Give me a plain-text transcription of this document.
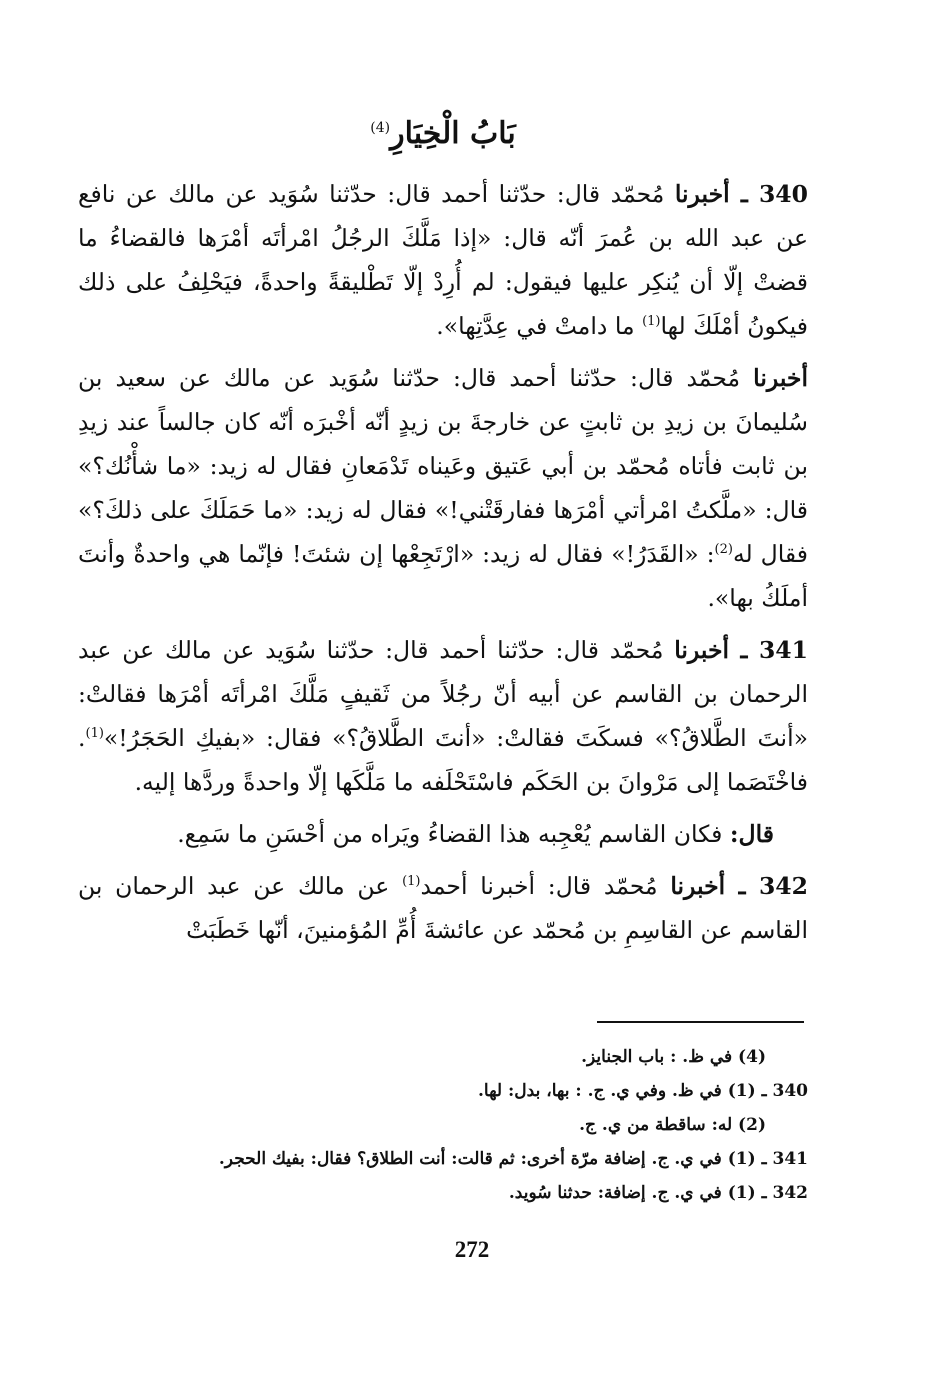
بَابُ الْخِيَارِ$^{(4)}$

340 ـ أخبرنا مُحمّد قال: حدّثنا أحمد قال: حدّثنا سُوَيد عن مالك عن نافع عن عبد الله بن عُمرَ أنّه قال: «إذا مَلَّكَ الرجُلُ امْرأتَه أمْرَها فالقضاءُ ما قضتْ إلّا أن يُنكِر عليها فيقول: لم أُرِدْ إلّا تَطْليقةً واحدةً، فيَحْلِفُ على ذلك فيكونُ أمْلَكَ لها$^{(1)}$ ما دامتْ في عِدَّتِها».

أخبرنا مُحمّد قال: حدّثنا أحمد قال: حدّثنا سُوَيد عن مالك عن سعيد بن سُليمانَ بن زيدِ بن ثابتٍ عن خارجةَ بن زيدٍ أنّه أخْبرَه أنّه كان جالساً عند زيدِ بن ثابت فأتاه مُحمّد بن أبي عَتيق وعَيناه تَدْمَعانِ فقال له زيد: «ما شأْنُك؟» قال: «ملَّكتُ امْرأتي أمْرَها ففارقَتْني!» فقال له زيد: «ما حَمَلَكَ على ذلكَ؟» فقال له$^{(2)}$: «القَدَرُ!» فقال له زيد: «ارْتَجِعْها إن شئتَ! فإنّما هي واحدةٌ وأنتَ أملَكُ بها».

341 ـ أخبرنا مُحمّد قال: حدّثنا أحمد قال: حدّثنا سُوَيد عن مالك عن عبد الرحمان بن القاسم عن أبيه أنّ رجُلاً من ثَقيفٍ مَلَّكَ امْرأتَه أمْرَها فقالتْ: «أنتَ الطَّلاقُ؟» فسكَتَ فقالتْ: «أنتَ الطَّلاقُ؟» فقال: «بفيكِ الحَجَرُ!»$^{(1)}$. فاخْتَصَما إلى مَرْوانَ بن الحَكَم فاسْتَحْلَفه ما مَلَّكَها إلّا واحدةً وردَّها إليه.

قال: فكان القاسم يُعْجِبه هذا القضاءُ ويَراه من أحْسَنِ ما سَمِع.

342 ـ أخبرنا مُحمّد قال: أخبرنا أحمد$^{(1)}$ عن مالك عن عبد الرحمان بن القاسم عن القاسِمِ بن مُحمّد عن عائشةَ أُمِّ المُؤمنينَ، أنّها خَطَبَتْ

(4) في ظ. : باب الجنايز.

340 ـ (1) في ظ. وفي ي. ج. : بها، بدل: لها.

(2) له: ساقطة من ي. ج.

341 ـ (1) في ي. ج. إضافة مرّة أخرى: ثم قالت: أنت الطلاق؟ فقال: بفيك الحجر.

342 ـ (1) في ي. ج. إضافة: حدثنا سُويد.

272
